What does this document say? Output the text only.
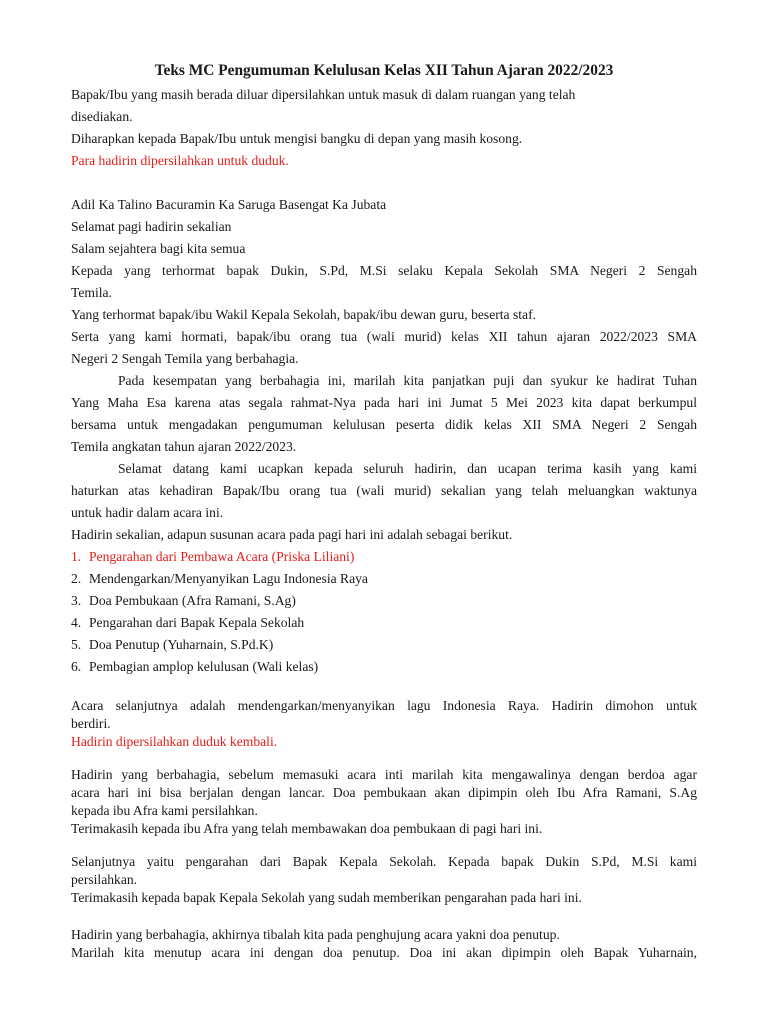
Teks MC Pengumuman Kelulusan Kelas XII Tahun Ajaran 2022/2023

Bapak/Ibu yang masih berada diluar dipersilahkan untuk masuk di dalam ruangan yang telah

disediakan.

Diharapkan kepada Bapak/Ibu untuk mengisi bangku di depan yang masih kosong.

Para hadirin dipersilahkan untuk duduk.

Adil Ka Talino Bacuramin Ka Saruga Basengat Ka Jubata

Selamat pagi hadirin sekalian

Salam sejahtera bagi kita semua

Kepada yang terhormat bapak Dukin, S.Pd, M.Si selaku Kepala Sekolah SMA Negeri 2 Sengah

Temila.

Yang terhormat bapak/ibu Wakil Kepala Sekolah, bapak/ibu dewan guru, beserta staf.

Serta yang kami hormati, bapak/ibu orang tua (wali murid) kelas XII tahun ajaran 2022/2023 SMA

Negeri 2 Sengah Temila yang berbahagia.

Pada kesempatan yang berbahagia ini, marilah kita panjatkan puji dan syukur ke hadirat Tuhan

Yang Maha Esa karena atas segala rahmat-Nya pada hari ini Jumat 5 Mei 2023 kita dapat berkumpul

bersama untuk mengadakan pengumuman kelulusan peserta didik kelas XII SMA Negeri 2 Sengah

Temila angkatan tahun ajaran 2022/2023.

Selamat datang kami ucapkan kepada seluruh hadirin, dan ucapan terima kasih yang kami

haturkan atas kehadiran Bapak/Ibu orang tua (wali murid) sekalian yang telah meluangkan waktunya

untuk hadir dalam acara ini.

Hadirin sekalian, adapun susunan acara pada pagi hari ini adalah sebagai berikut.

1. Pengarahan dari Pembawa Acara (Priska Liliani)
2. Mendengarkan/Menyanyikan Lagu Indonesia Raya
3. Doa Pembukaan (Afra Ramani, S.Ag)
4. Pengarahan dari Bapak Kepala Sekolah
5. Doa Penutup (Yuharnain, S.Pd.K)
6. Pembagian amplop kelulusan (Wali kelas)

Acara selanjutnya adalah mendengarkan/menyanyikan lagu Indonesia Raya. Hadirin dimohon untuk

berdiri.

Hadirin dipersilahkan duduk kembali.

Hadirin yang berbahagia, sebelum memasuki acara inti marilah kita mengawalinya dengan berdoa agar

acara hari ini bisa berjalan dengan lancar. Doa pembukaan akan dipimpin oleh Ibu Afra Ramani, S.Ag

kepada ibu Afra kami persilahkan.

Terimakasih kepada ibu Afra yang telah membawakan doa pembukaan di pagi hari ini.

Selanjutnya yaitu pengarahan dari Bapak Kepala Sekolah. Kepada bapak Dukin S.Pd, M.Si kami

persilahkan.

Terimakasih kepada bapak Kepala Sekolah yang sudah memberikan pengarahan pada hari ini.

Hadirin yang berbahagia, akhirnya tibalah kita pada penghujung acara yakni doa penutup.

Marilah kita menutup acara ini dengan doa penutup. Doa ini akan dipimpin oleh Bapak Yuharnain,
